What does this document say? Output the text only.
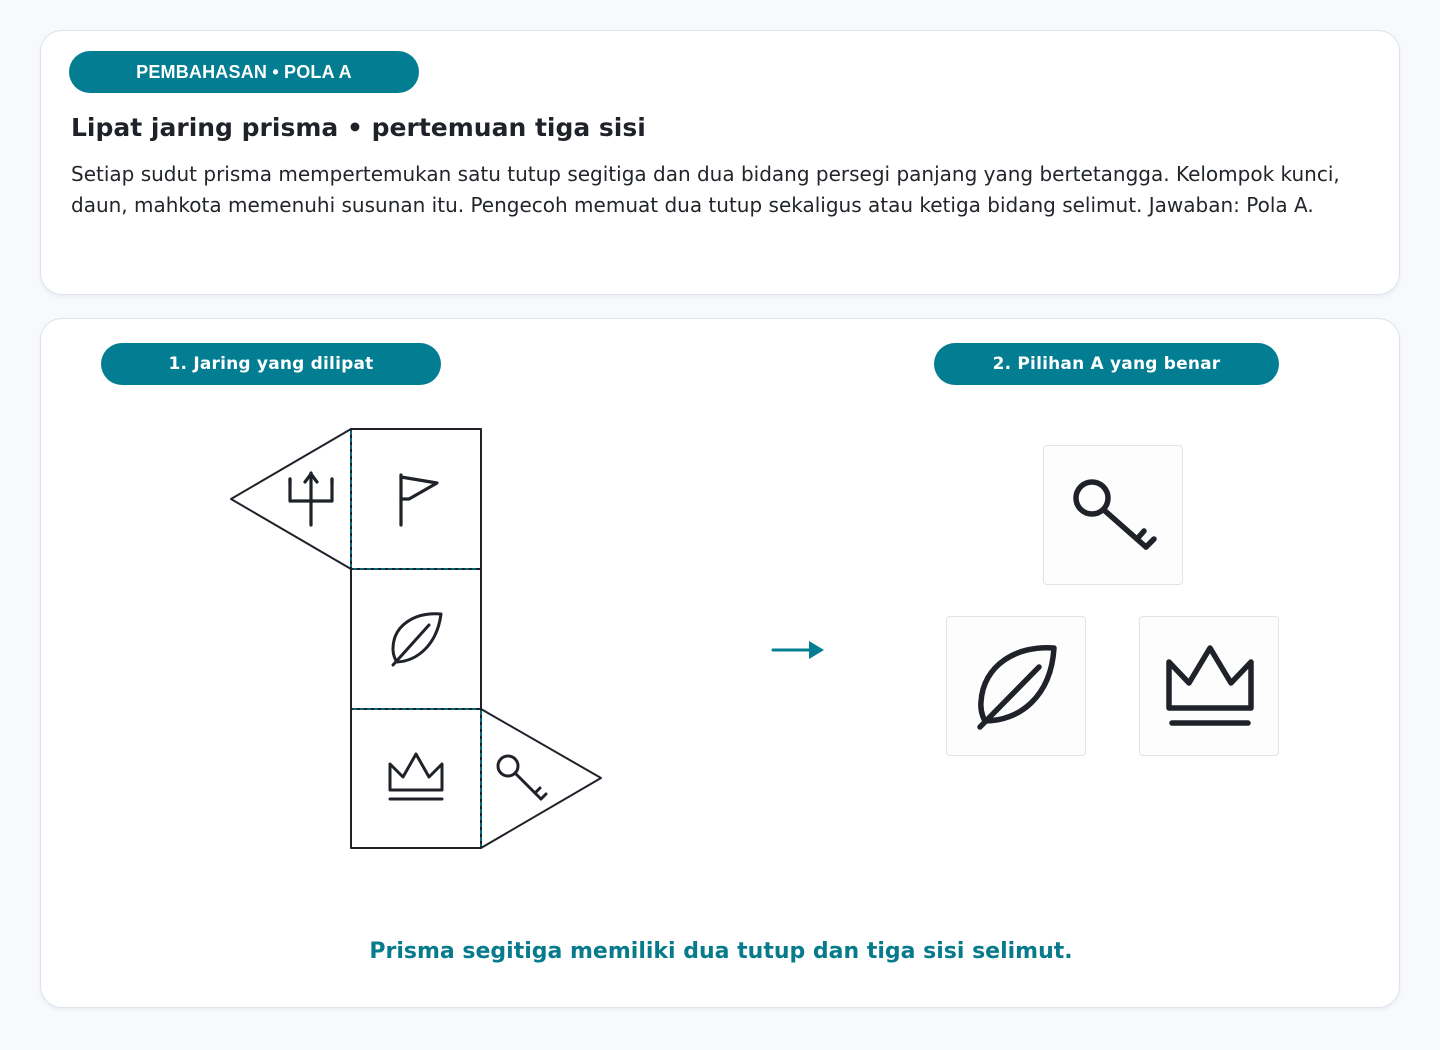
PEMBAHASAN • POLA A
Lipat jaring prisma • pertemuan tiga sisi
Setiap sudut prisma mempertemukan satu tutup segitiga dan dua bidang persegi panjang yang bertetangga. Kelompok kunci, daun, mahkota memenuhi susunan itu. Pengecoh memuat dua tutup sekaligus atau ketiga bidang selimut. Jawaban: Pola A.
1. Jaring yang dilipat	2. Pilihan A yang benar
Prisma segitiga memiliki dua tutup dan tiga sisi selimut.
